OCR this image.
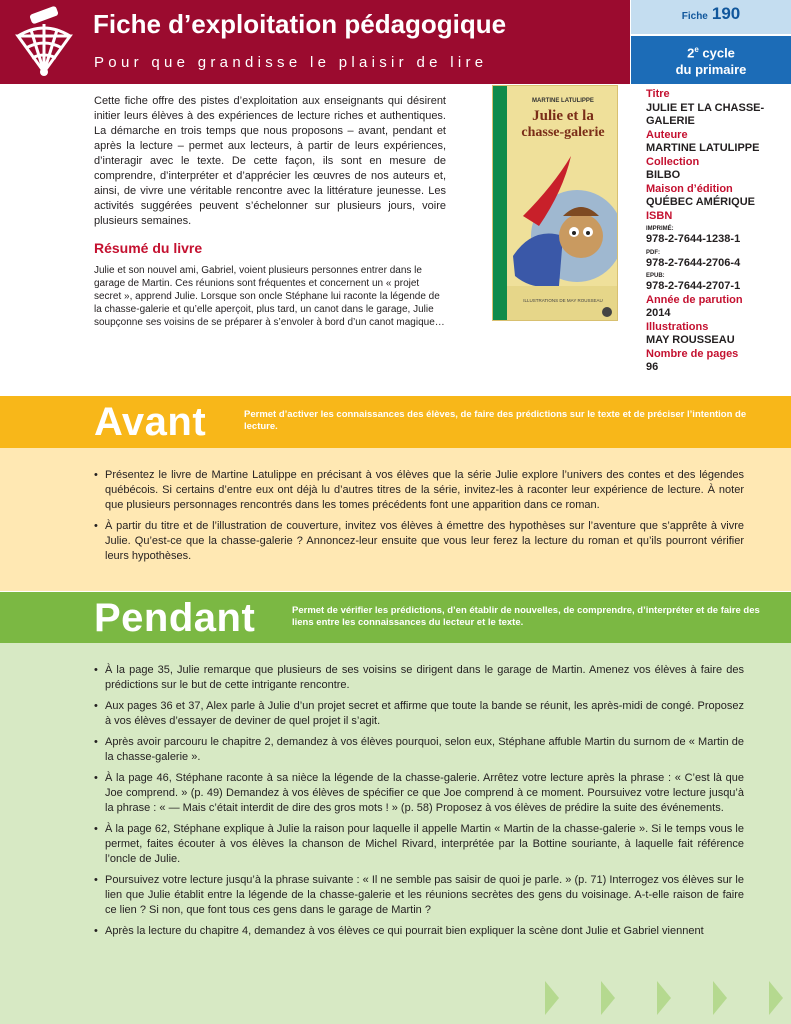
Fiche d’exploitation pédagogique
Pour que grandisse le plaisir de lire
$_{Fiche}$ 190
2e cycle
du primaire

Cette fiche offre des pistes d’exploitation aux enseignants qui désirent initier leurs élèves à des expériences de lecture riches et authentiques. La démarche en trois temps que nous proposons – avant, pendant et après la lecture – permet aux lecteurs, à partir de leurs expériences, d’interagir avec le texte. De cette façon, ils sont en mesure de comprendre, d’interpréter et d’apprécier les œuvres de nos auteurs et, ainsi, de vivre une véritable rencontre avec la littérature jeunesse. Les activités suggérées peuvent s’échelonner sur plusieurs jours, voire plusieurs semaines.

Résumé du livre

Julie et son nouvel ami, Gabriel, voient plusieurs personnes entrer dans le garage de Martin. Ces réunions sont fréquentes et concernent un « projet secret », apprend Julie. Lorsque son oncle Stéphane lui raconte la légende de la chasse-galerie et qu’elle aperçoit, plus tard, un canot dans le garage, Julie soupçonne ses voisins de se préparer à s’envoler à bord d’un canot magique…

MARTINE LATULIPPE
Julie et la
chasse-galerie
ILLUSTRATIONS DE MAY ROUSSEAU
Titre
JULIE ET LA CHASSE-GALERIE
Auteure
MARTINE LATULIPPE
Collection
BILBO
Maison d’édition
QUÉBEC AMÉRIQUE
ISBN
IMPRIMÉ:
978-2-7644-1238-1
PDF:
978-2-7644-2706-4
EPUB:
978-2-7644-2707-1
Année de parution
2014
Illustrations
MAY ROUSSEAU
Nombre de pages
96
Avant	Permet d’activer les connaissances des élèves, de faire des prédictions sur le texte et de préciser l’intention de lecture.
• Présentez le livre de Martine Latulippe en précisant à vos élèves que la série Julie explore l’univers des contes et des légendes québécois. Si certains d’entre eux ont déjà lu d’autres titres de la série, invitez-les à raconter leur expérience de lecture. À noter que plusieurs personnages rencontrés dans les tomes précédents font une apparition dans ce roman.
• À partir du titre et de l’illustration de couverture, invitez vos élèves à émettre des hypothèses sur l’aventure que s’apprête à vivre Julie. Qu’est-ce que la chasse-galerie ? Annoncez-leur ensuite que vous leur ferez la lecture du roman et qu’ils pourront vérifier leurs hypothèses.
Pendant	Permet de vérifier les prédictions, d’en établir de nouvelles, de comprendre, d’interpréter et de faire des liens entre les connaissances du lecteur et le texte.
• À la page 35, Julie remarque que plusieurs de ses voisins se dirigent dans le garage de Martin. Amenez vos élèves à faire des prédictions sur le but de cette intrigante rencontre.
• Aux pages 36 et 37, Alex parle à Julie d’un projet secret et affirme que toute la bande se réunit, les après-midi de congé. Proposez à vos élèves d’essayer de deviner de quel projet il s’agit.
• Après avoir parcouru le chapitre 2, demandez à vos élèves pourquoi, selon eux, Stéphane affuble Martin du surnom de « Martin de la chasse-galerie ».
• À la page 46, Stéphane raconte à sa nièce la légende de la chasse-galerie. Arrêtez votre lecture après la phrase : « C’est là que Joe comprend. » (p. 49) Demandez à vos élèves de spécifier ce que Joe comprend à ce moment. Poursuivez votre lecture jusqu’à la phrase : « — Mais c’était interdit de dire des gros mots ! » (p. 58) Proposez à vos élèves de prédire la suite des événements.
• À la page 62, Stéphane explique à Julie la raison pour laquelle il appelle Martin « Martin de la chasse-galerie ». Si le temps vous le permet, faites écouter à vos élèves la chanson de Michel Rivard, interprétée par la Bottine souriante, à laquelle fait référence l’oncle de Julie.
• Poursuivez votre lecture jusqu’à la phrase suivante : « Il ne semble pas saisir de quoi je parle. » (p. 71) Interrogez vos élèves sur le lien que Julie établit entre la légende de la chasse-galerie et les réunions secrètes des gens du voisinage. A-t-elle raison de faire ce lien ? Si non, que font tous ces gens dans le garage de Martin ?
• Après la lecture du chapitre 4, demandez à vos élèves ce qui pourrait bien expliquer la scène dont Julie et Gabriel viennent
